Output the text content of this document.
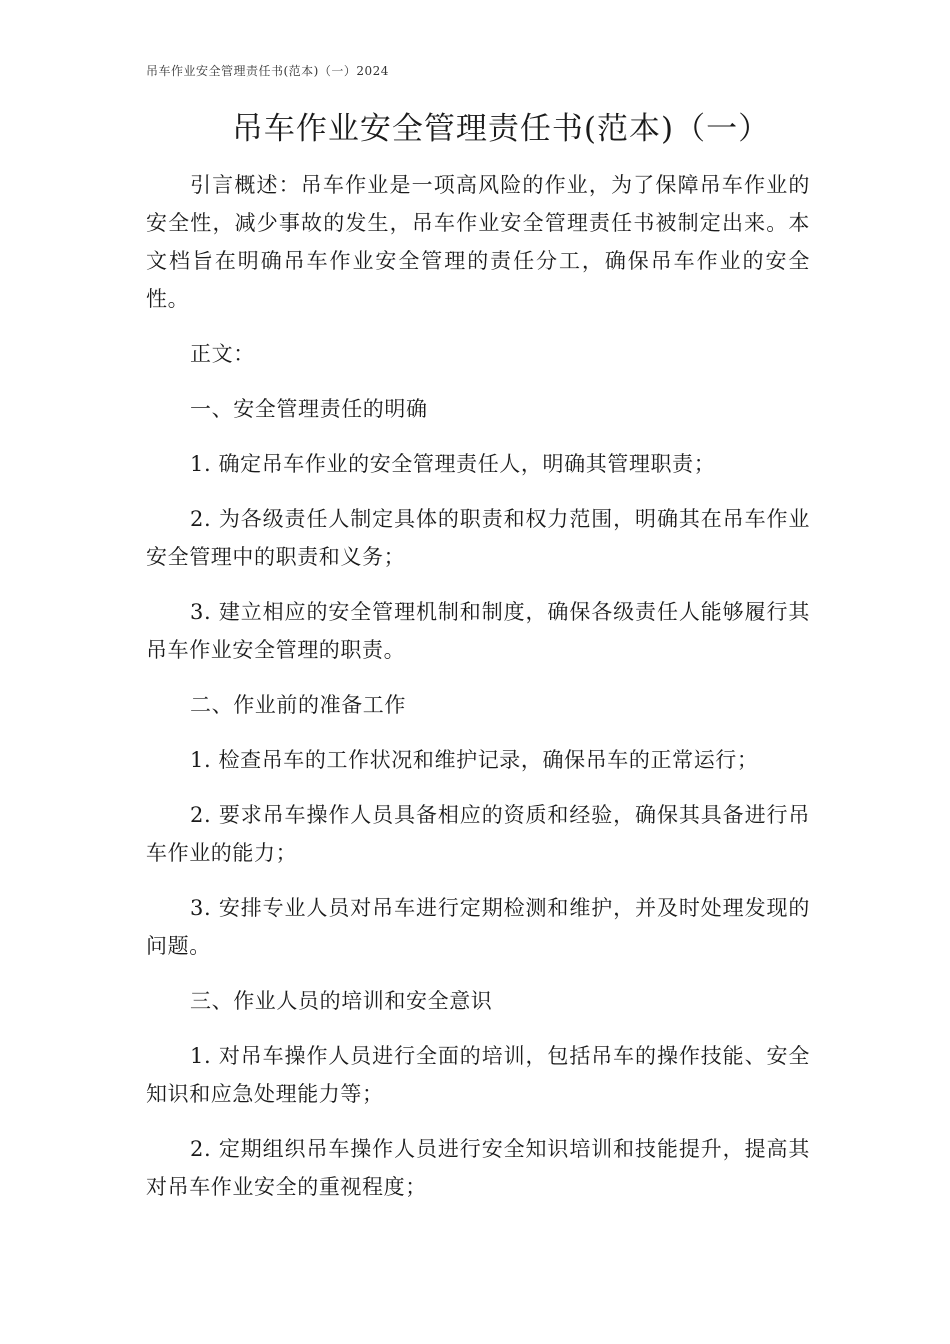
吊车作业安全管理责任书(范本)（一）2024
吊车作业安全管理责任书(范本)（一）

引言概述：吊车作业是一项高风险的作业，为了保障吊车作业的安全性，减少事故的发生，吊车作业安全管理责任书被制定出来。本文档旨在明确吊车作业安全管理的责任分工，确保吊车作业的安全性。

正文：

一、安全管理责任的明确

1. 确定吊车作业的安全管理责任人，明确其管理职责；

2. 为各级责任人制定具体的职责和权力范围，明确其在吊车作业安全管理中的职责和义务；

3. 建立相应的安全管理机制和制度，确保各级责任人能够履行其吊车作业安全管理的职责。

二、作业前的准备工作

1. 检查吊车的工作状况和维护记录，确保吊车的正常运行；

2. 要求吊车操作人员具备相应的资质和经验，确保其具备进行吊车作业的能力；

3. 安排专业人员对吊车进行定期检测和维护，并及时处理发现的问题。

三、作业人员的培训和安全意识

1. 对吊车操作人员进行全面的培训，包括吊车的操作技能、安全知识和应急处理能力等；

2. 定期组织吊车操作人员进行安全知识培训和技能提升，提高其对吊车作业安全的重视程度；
